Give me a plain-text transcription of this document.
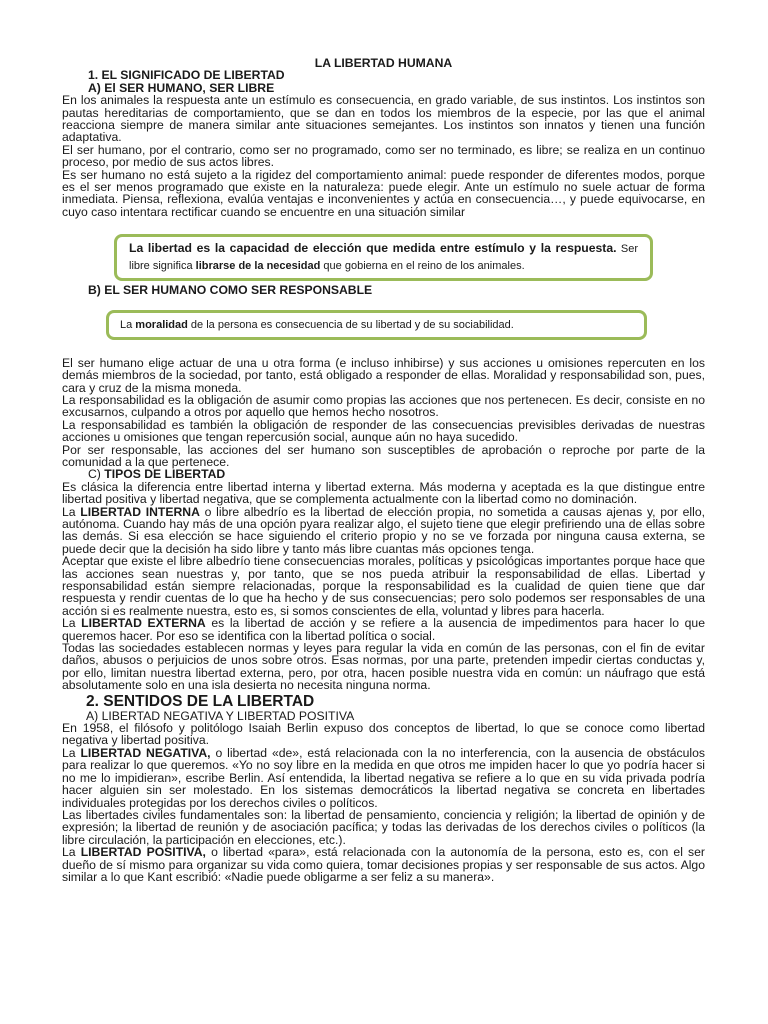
LA LIBERTAD HUMANA
1. EL SIGNIFICADO DE LIBERTAD
A) El SER HUMANO, SER LIBRE

En los animales la respuesta ante un estímulo es consecuencia, en grado variable, de sus instintos. Los instintos son pautas hereditarias de comportamiento, que se dan en todos los miembros de la especie, por las que el animal reacciona siempre de manera similar ante situaciones semejantes. Los instintos son innatos y tienen una función adaptativa.

El ser humano, por el contrario, como ser no programado, como ser no terminado, es libre; se realiza en un continuo proceso, por medio de sus actos libres.

Es ser humano no está sujeto a la rigidez del comportamiento animal: puede responder de diferentes modos, porque es el ser menos programado que existe en la naturaleza: puede elegir. Ante un estímulo no suele actuar de forma inmediata. Piensa, reflexiona, evalúa ventajas e inconvenientes y actúa en consecuencia…, y puede equivocarse, en cuyo caso intentara rectificar cuando se encuentre en una situación similar

La libertad es la capacidad de elección que medida entre estímulo y la respuesta. Ser libre significa librarse de la necesidad que gobierna en el reino de los animales.
B) EL SER HUMANO COMO SER RESPONSABLE
La moralidad de la persona es consecuencia de su libertad y de su sociabilidad.

El ser humano elige actuar de una u otra forma (e incluso inhibirse) y sus acciones u omisiones repercuten en los demás miembros de la sociedad, por tanto, está obligado a responder de ellas. Moralidad y responsabilidad son, pues, cara y cruz de la misma moneda.

La responsabilidad es la obligación de asumir como propias las acciones que nos pertenecen. Es decir, consiste en no excusarnos, culpando a otros por aquello que hemos hecho nosotros.

La responsabilidad es también la obligación de responder de las consecuencias previsibles derivadas de nuestras acciones u omisiones que tengan repercusión social, aunque aún no haya sucedido.

Por ser responsable, las acciones del ser humano son susceptibles de aprobación o reproche por parte de la comunidad a la que pertenece.

C) TIPOS DE LIBERTAD

Es clásica la diferencia entre libertad interna y libertad externa. Más moderna y aceptada es la que distingue entre libertad positiva y libertad negativa, que se complementa actualmente con la libertad como no dominación.

La LIBERTAD INTERNA o libre albedrío es la libertad de elección propia, no sometida a causas ajenas y, por ello, autónoma. Cuando hay más de una opción pyara realizar algo, el sujeto tiene que elegir prefiriendo una de ellas sobre las demás. Si esa elección se hace siguiendo el criterio propio y no se ve forzada por ninguna causa externa, se puede decir que la decisión ha sido libre y tanto más libre cuantas más opciones tenga.

Aceptar que existe el libre albedrío tiene consecuencias morales, políticas y psicológicas importantes porque hace que las acciones sean nuestras y, por tanto, que se nos pueda atribuir la responsabilidad de ellas. Libertad y responsabilidad están siempre relacionadas, porque la responsabilidad es la cualidad de quien tiene que dar respuesta y rendir cuentas de lo que ha hecho y de sus consecuencias; pero solo podemos ser responsables de una acción si es realmente nuestra, esto es, si somos conscientes de ella, voluntad y libres para hacerla.

La LIBERTAD EXTERNA es la libertad de acción y se refiere a la ausencia de impedimentos para hacer lo que queremos hacer. Por eso se identifica con la libertad política o social.

Todas las sociedades establecen normas y leyes para regular la vida en común de las personas, con el fin de evitar daños, abusos o perjuicios de unos sobre otros. Esas normas, por una parte, pretenden impedir ciertas conductas y, por ello, limitan nuestra libertad externa, pero, por otra, hacen posible nuestra vida en común: un náufrago que está absolutamente solo en una isla desierta no necesita ninguna norma.

2. SENTIDOS DE LA LIBERTAD
A) LIBERTAD NEGATIVA Y LIBERTAD POSITIVA

En 1958, el filósofo y politólogo Isaiah Berlin expuso dos conceptos de libertad, lo que se conoce como libertad negativa y libertad positiva.

La LIBERTAD NEGATIVA, o libertad «de», está relacionada con la no interferencia, con la ausencia de obstáculos para realizar lo que queremos. «Yo no soy libre en la medida en que otros me impiden hacer lo que yo podría hacer si no me lo impidieran», escribe Berlin. Así entendida, la libertad negativa se refiere a lo que en su vida privada podría hacer alguien sin ser molestado. En los sistemas democráticos la libertad negativa se concreta en libertades individuales protegidas por los derechos civiles o políticos.

Las libertades civiles fundamentales son: la libertad de pensamiento, conciencia y religión; la libertad de opinión y de expresión; la libertad de reunión y de asociación pacífica; y todas las derivadas de los derechos civiles o políticos (la libre circulación, la participación en elecciones, etc.).

La LIBERTAD POSITIVA, o libertad «para», está relacionada con la autonomía de la persona, esto es, con el ser dueño de sí mismo para organizar su vida como quiera, tomar decisiones propias y ser responsable de sus actos. Algo similar a lo que Kant escribió: «Nadie puede obligarme a ser feliz a su manera».
